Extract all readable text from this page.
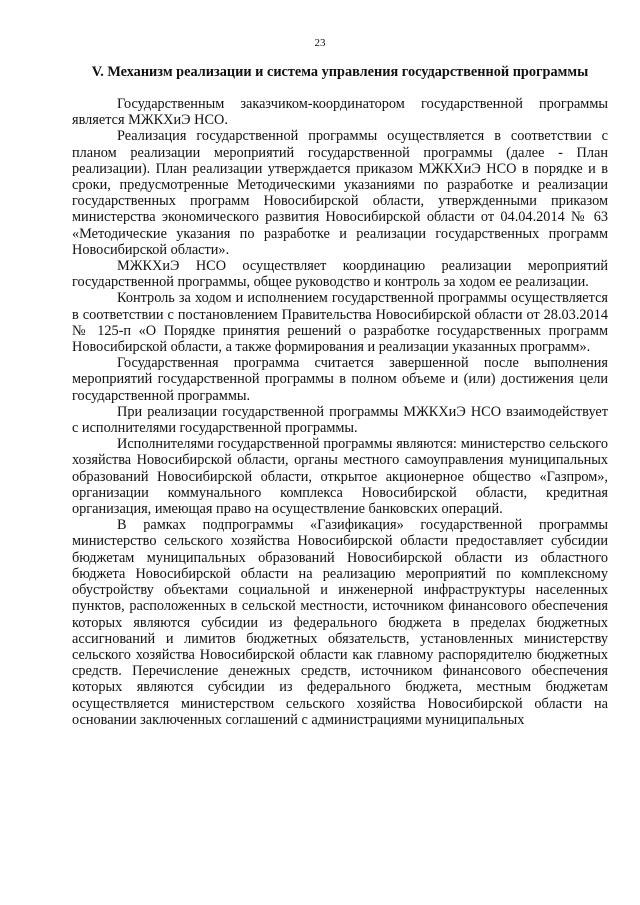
23
V. Механизм реализации и система управления государственной программы

Государственным заказчиком-координатором государственной программы является МЖКХиЭ НСО.

Реализация государственной программы осуществляется в соответствии с планом реализации мероприятий государственной программы (далее - План реализации). План реализации утверждается приказом МЖКХиЭ НСО в порядке и в сроки, предусмотренные Методическими указаниями по разработке и реализации государственных программ Новосибирской области, утвержденными приказом министерства экономического развития Новосибирской области от 04.04.2014 № 63 «Методические указания по разработке и реализации государственных программ Новосибирской области».

МЖКХиЭ НСО осуществляет координацию реализации мероприятий государственной программы, общее руководство и контроль за ходом ее реализации.

Контроль за ходом и исполнением государственной программы осуществляется в соответствии с постановлением Правительства Новосибирской области от 28.03.2014 № 125-п «О Порядке принятия решений о разработке государственных программ Новосибирской области, а также формирования и реализации указанных программ».

Государственная программа считается завершенной после выполнения мероприятий государственной программы в полном объеме и (или) достижения цели государственной программы.

При реализации государственной программы МЖКХиЭ НСО взаимодействует с исполнителями государственной программы.

Исполнителями государственной программы являются: министерство сельского хозяйства Новосибирской области, органы местного самоуправления муниципальных образований Новосибирской области, открытое акционерное общество «Газпром», организации коммунального комплекса Новосибирской области, кредитная организация, имеющая право на осуществление банковских операций.

В рамках подпрограммы «Газификация» государственной программы министерство сельского хозяйства Новосибирской области предоставляет субсидии бюджетам муниципальных образований Новосибирской области из областного бюджета Новосибирской области на реализацию мероприятий по комплексному обустройству объектами социальной и инженерной инфраструктуры населенных пунктов, расположенных в сельской местности, источником финансового обеспечения которых являются субсидии из федерального бюджета в пределах бюджетных ассигнований и лимитов бюджетных обязательств, установленных министерству сельского хозяйства Новосибирской области как главному распорядителю бюджетных средств. Перечисление денежных средств, источником финансового обеспечения которых являются субсидии из федерального бюджета, местным бюджетам осуществляется министерством сельского хозяйства Новосибирской области на основании заключенных соглашений с администрациями муниципальных
